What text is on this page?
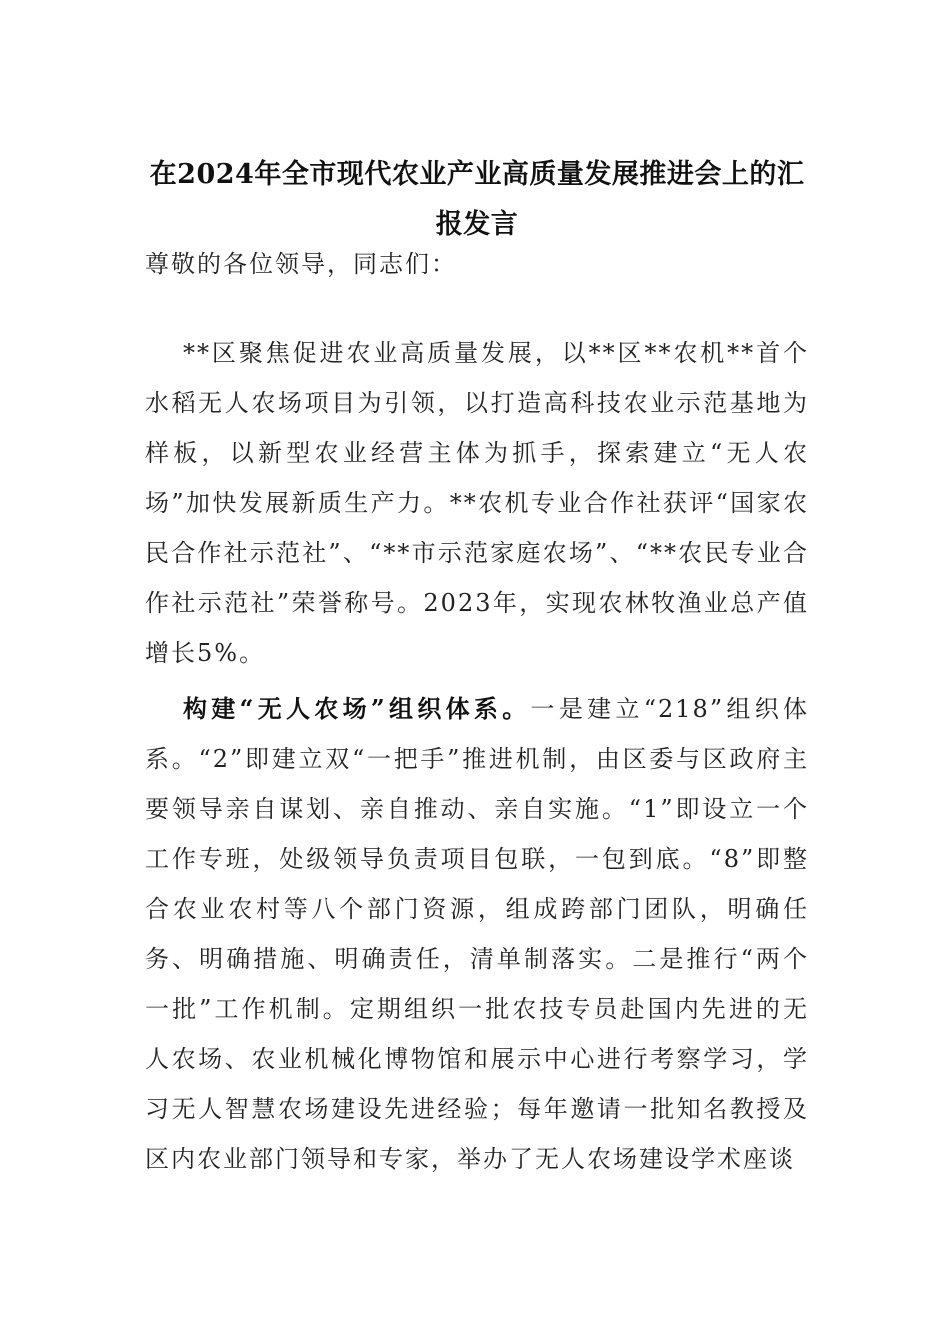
在2024年全市现代农业产业高质量发展推进会上的汇报发言

尊敬的各位领导，同志们：

**区聚焦促进农业高质量发展，以**区**农机**首个水稻无人农场项目为引领，以打造高科技农业示范基地为样板，以新型农业经营主体为抓手，探索建立“无人农场”加快发展新质生产力。**农机专业合作社获评“国家农民合作社示范社”、“**市示范家庭农场”、“**农民专业合作社示范社”荣誉称号。2023年，实现农林牧渔业总产值增长5%。

构建“无人农场”组织体系。一是建立“218”组织体系。“2”即建立双“一把手”推进机制，由区委与区政府主要领导亲自谋划、亲自推动、亲自实施。“1”即设立一个工作专班，处级领导负责项目包联，一包到底。“8”即整合农业农村等八个部门资源，组成跨部门团队，明确任务、明确措施、明确责任，清单制落实。二是推行“两个一批”工作机制。定期组织一批农技专员赴国内先进的无人农场、农业机械化博物馆和展示中心进行考察学习，学习无人智慧农场建设先进经验；每年邀请一批知名教授及区内农业部门领导和专家，举办了无人农场建设学术座谈
